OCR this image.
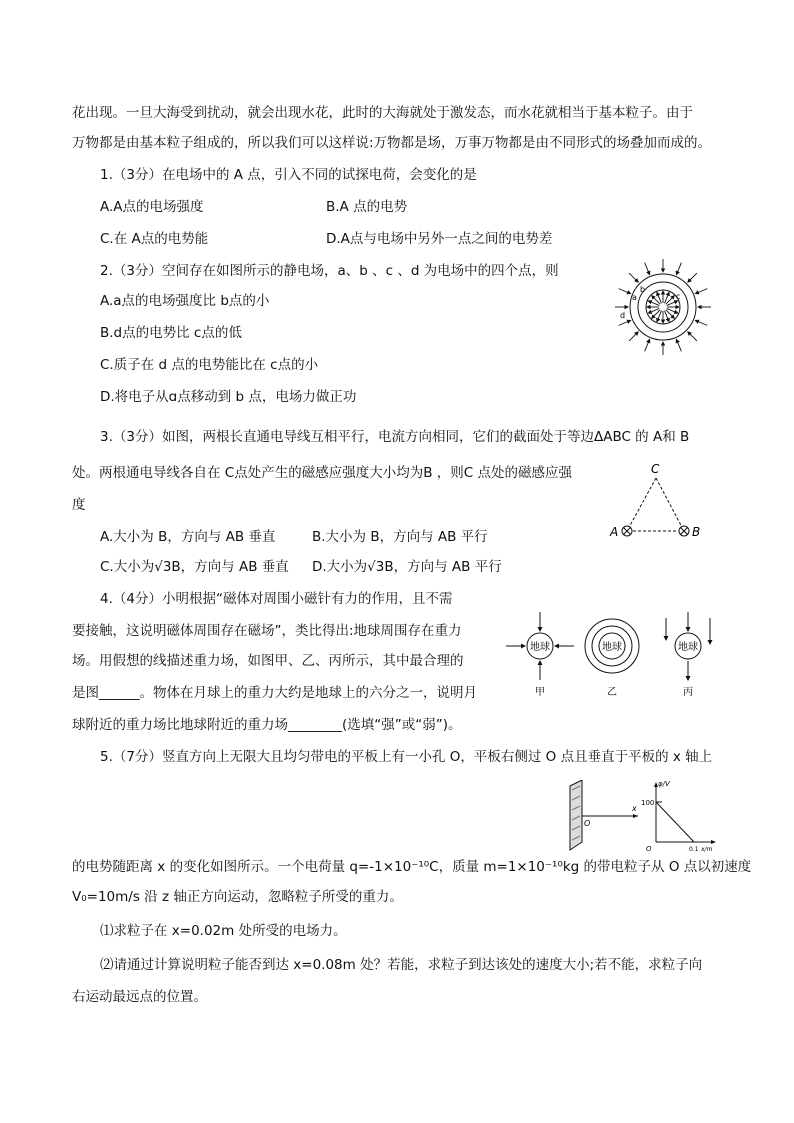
花出现。一旦大海受到扰动，就会出现水花，此时的大海就处于激发态，而水花就相当于基本粒子。由于
万物都是由基本粒子组成的，所以我们可以这样说:万物都是场，万事万物都是由不同形式的场叠加而成的。
1.（3分）在电场中的 A 点，引入不同的试探电荷，会变化的是
A.A点的电场强度	B.A 点的电势
C.在 A点的电势能	D.A点与电场中另外一点之间的电势差
2.（3分）空间存在如图所示的静电场，a、b 、c 、d 为电场中的四个点，则
A.a点的电场强度比 b点的小
B.d点的电势比 c点的低
C.质子在 d 点的电势能比在 c点的小
D.将电子从ɑ点移动到 b 点，电场力做正功
a
b
c
d
3.（3分）如图，两根长直通电导线互相平行，电流方向相同，它们的截面处于等边ΔABC 的 A和 B
处。两根通电导线各自在 C点处产生的磁感应强度大小均为B ，则C 点处的磁感应强
度
A.大小为 B，方向与 AB 垂直	B.大小为 B，方向与 AB 平行
C.大小为√3B，方向与 AB 垂直 D.大小为√3B，方向与 AB 平行
C
A	B
4.（4分）小明根据“磁体对周围小磁针有力的作用，且不需
要接触，这说明磁体周围存在磁场”，类比得出:地球周围存在重力
场。用假想的线描述重力场，如图甲、乙、丙所示，其中最合理的
是图______。物体在月球上的重力大约是地球上的六分之一，说明月
球附近的重力场比地球附近的重力场________(选填“强”或“弱”)。
地球
甲
地球
乙
地球
丙
5.（7分）竖直方向上无限大且均匀带电的平板上有一小孔 O，平板右侧过 O 点且垂直于平板的 x 轴上
x
O
φ/V
100
O	0.1 x/m
的电势随距离 x 的变化如图所示。一个电荷量 q=-1×10⁻¹⁰C，质量 m=1×10⁻¹⁰kg 的带电粒子从 O 点以初速度
V₀=10m/s 沿 z 轴正方向运动，忽略粒子所受的重力。
⑴求粒子在 x=0.02m 处所受的电场力。
⑵请通过计算说明粒子能否到达 x=0.08m 处？若能，求粒子到达该处的速度大小;若不能，求粒子向
右运动最远点的位置。
